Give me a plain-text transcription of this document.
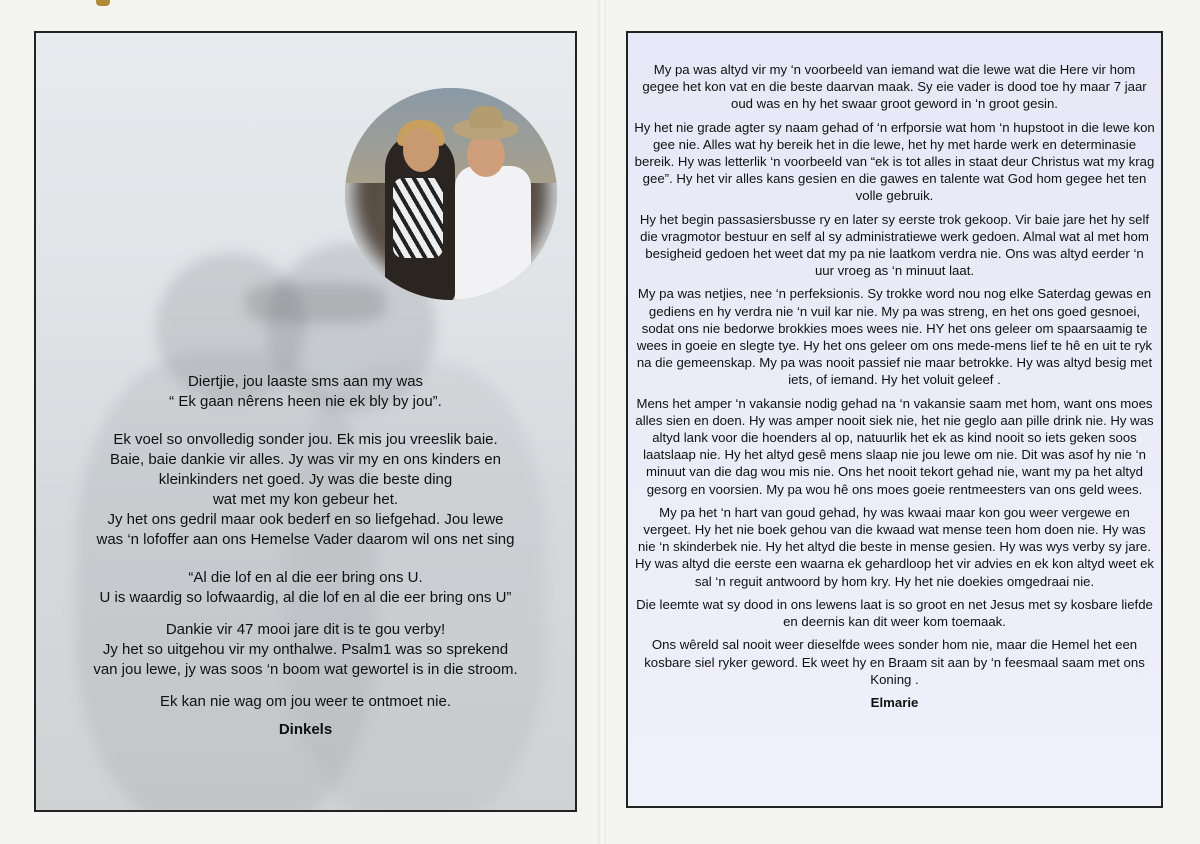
Diertjie, jou laaste sms aan my was

“ Ek gaan nêrens heen nie ek bly by jou”.

Ek voel so onvolledig sonder jou. Ek mis jou vreeslik baie.

Baie, baie dankie vir alles. Jy was vir my en ons kinders en

kleinkinders net goed. Jy was die beste ding

wat met my kon gebeur het.

Jy het ons gedril maar ook bederf en so liefgehad. Jou lewe

was ‘n lofoffer aan ons Hemelse Vader daarom wil ons net sing

“Al die lof en al die eer bring ons U.

U is waardig so lofwaardig, al die lof en al die eer bring ons U”

Dankie vir 47 mooi jare dit is te gou verby!

Jy het so uitgehou vir my onthalwe. Psalm1 was so sprekend

van jou lewe, jy was soos ‘n boom wat gewortel is in die stroom.

Ek kan nie wag om jou weer te ontmoet nie.

Dinkels

My pa was altyd vir my ‘n voorbeeld van iemand wat die lewe wat die Here vir hom gegee het kon vat en die beste daarvan maak. Sy eie vader is dood toe hy maar 7 jaar oud was en hy het swaar groot geword in ‘n groot gesin.

Hy het nie grade agter sy naam gehad of ‘n erfporsie wat hom ‘n hupstoot in die lewe kon gee nie. Alles wat hy bereik het in die lewe, het hy met harde werk en determinasie bereik. Hy was letterlik ‘n voorbeeld van “ek is tot alles in staat deur Christus wat my krag gee”. Hy het vir alles kans gesien en die gawes en talente wat God hom gegee het ten volle gebruik.

Hy het begin passasiersbusse ry en later sy eerste trok gekoop. Vir baie jare het hy self die vragmotor bestuur en self al sy administratiewe werk gedoen. Almal wat al met hom besigheid gedoen het weet dat my pa nie laatkom verdra nie. Ons was altyd eerder ‘n uur vroeg as ‘n minuut laat.

My pa was netjies, nee ‘n perfeksionis. Sy trokke word nou nog elke Saterdag gewas en gediens en hy verdra nie ‘n vuil kar nie. My pa was streng, en het ons goed gesnoei, sodat ons nie bedorwe brokkies moes wees nie. HY het ons geleer om spaarsaamig te wees in goeie en slegte tye. Hy het ons geleer om ons mede-mens lief te hê en uit te ryk na die gemeenskap. My pa was nooit passief nie maar betrokke. Hy was altyd besig met iets, of iemand. Hy het voluit geleef .

Mens het amper ‘n vakansie nodig gehad na ‘n vakansie saam met hom, want ons moes alles sien en doen. Hy was amper nooit siek nie, het nie geglo aan pille drink nie. Hy was altyd lank voor die hoenders al op, natuurlik het ek as kind nooit so iets geken soos laatslaap nie. Hy het altyd gesê mens slaap nie jou lewe om nie. Dit was asof hy nie ‘n minuut van die dag wou mis nie. Ons het nooit tekort gehad nie, want my pa het altyd gesorg en voorsien. My pa wou hê ons moes goeie rentmeesters van ons geld wees.

My pa het ‘n hart van goud gehad, hy was kwaai maar kon gou weer vergewe en vergeet. Hy het nie boek gehou van die kwaad wat mense teen hom doen nie. Hy was nie ‘n skinderbek nie. Hy het altyd die beste in mense gesien. Hy was wys verby sy jare. Hy was altyd die eerste een waarna ek gehardloop het vir advies en ek kon altyd weet ek sal ‘n reguit antwoord by hom kry. Hy het nie doekies omgedraai nie.

Die leemte wat sy dood in ons lewens laat is so groot en net Jesus met sy kosbare liefde en deernis kan dit weer kom toemaak.

Ons wêreld sal nooit weer dieselfde wees sonder hom nie, maar die Hemel het een kosbare siel ryker geword. Ek weet hy en Braam sit aan by ‘n feesmaal saam met ons Koning .

Elmarie
